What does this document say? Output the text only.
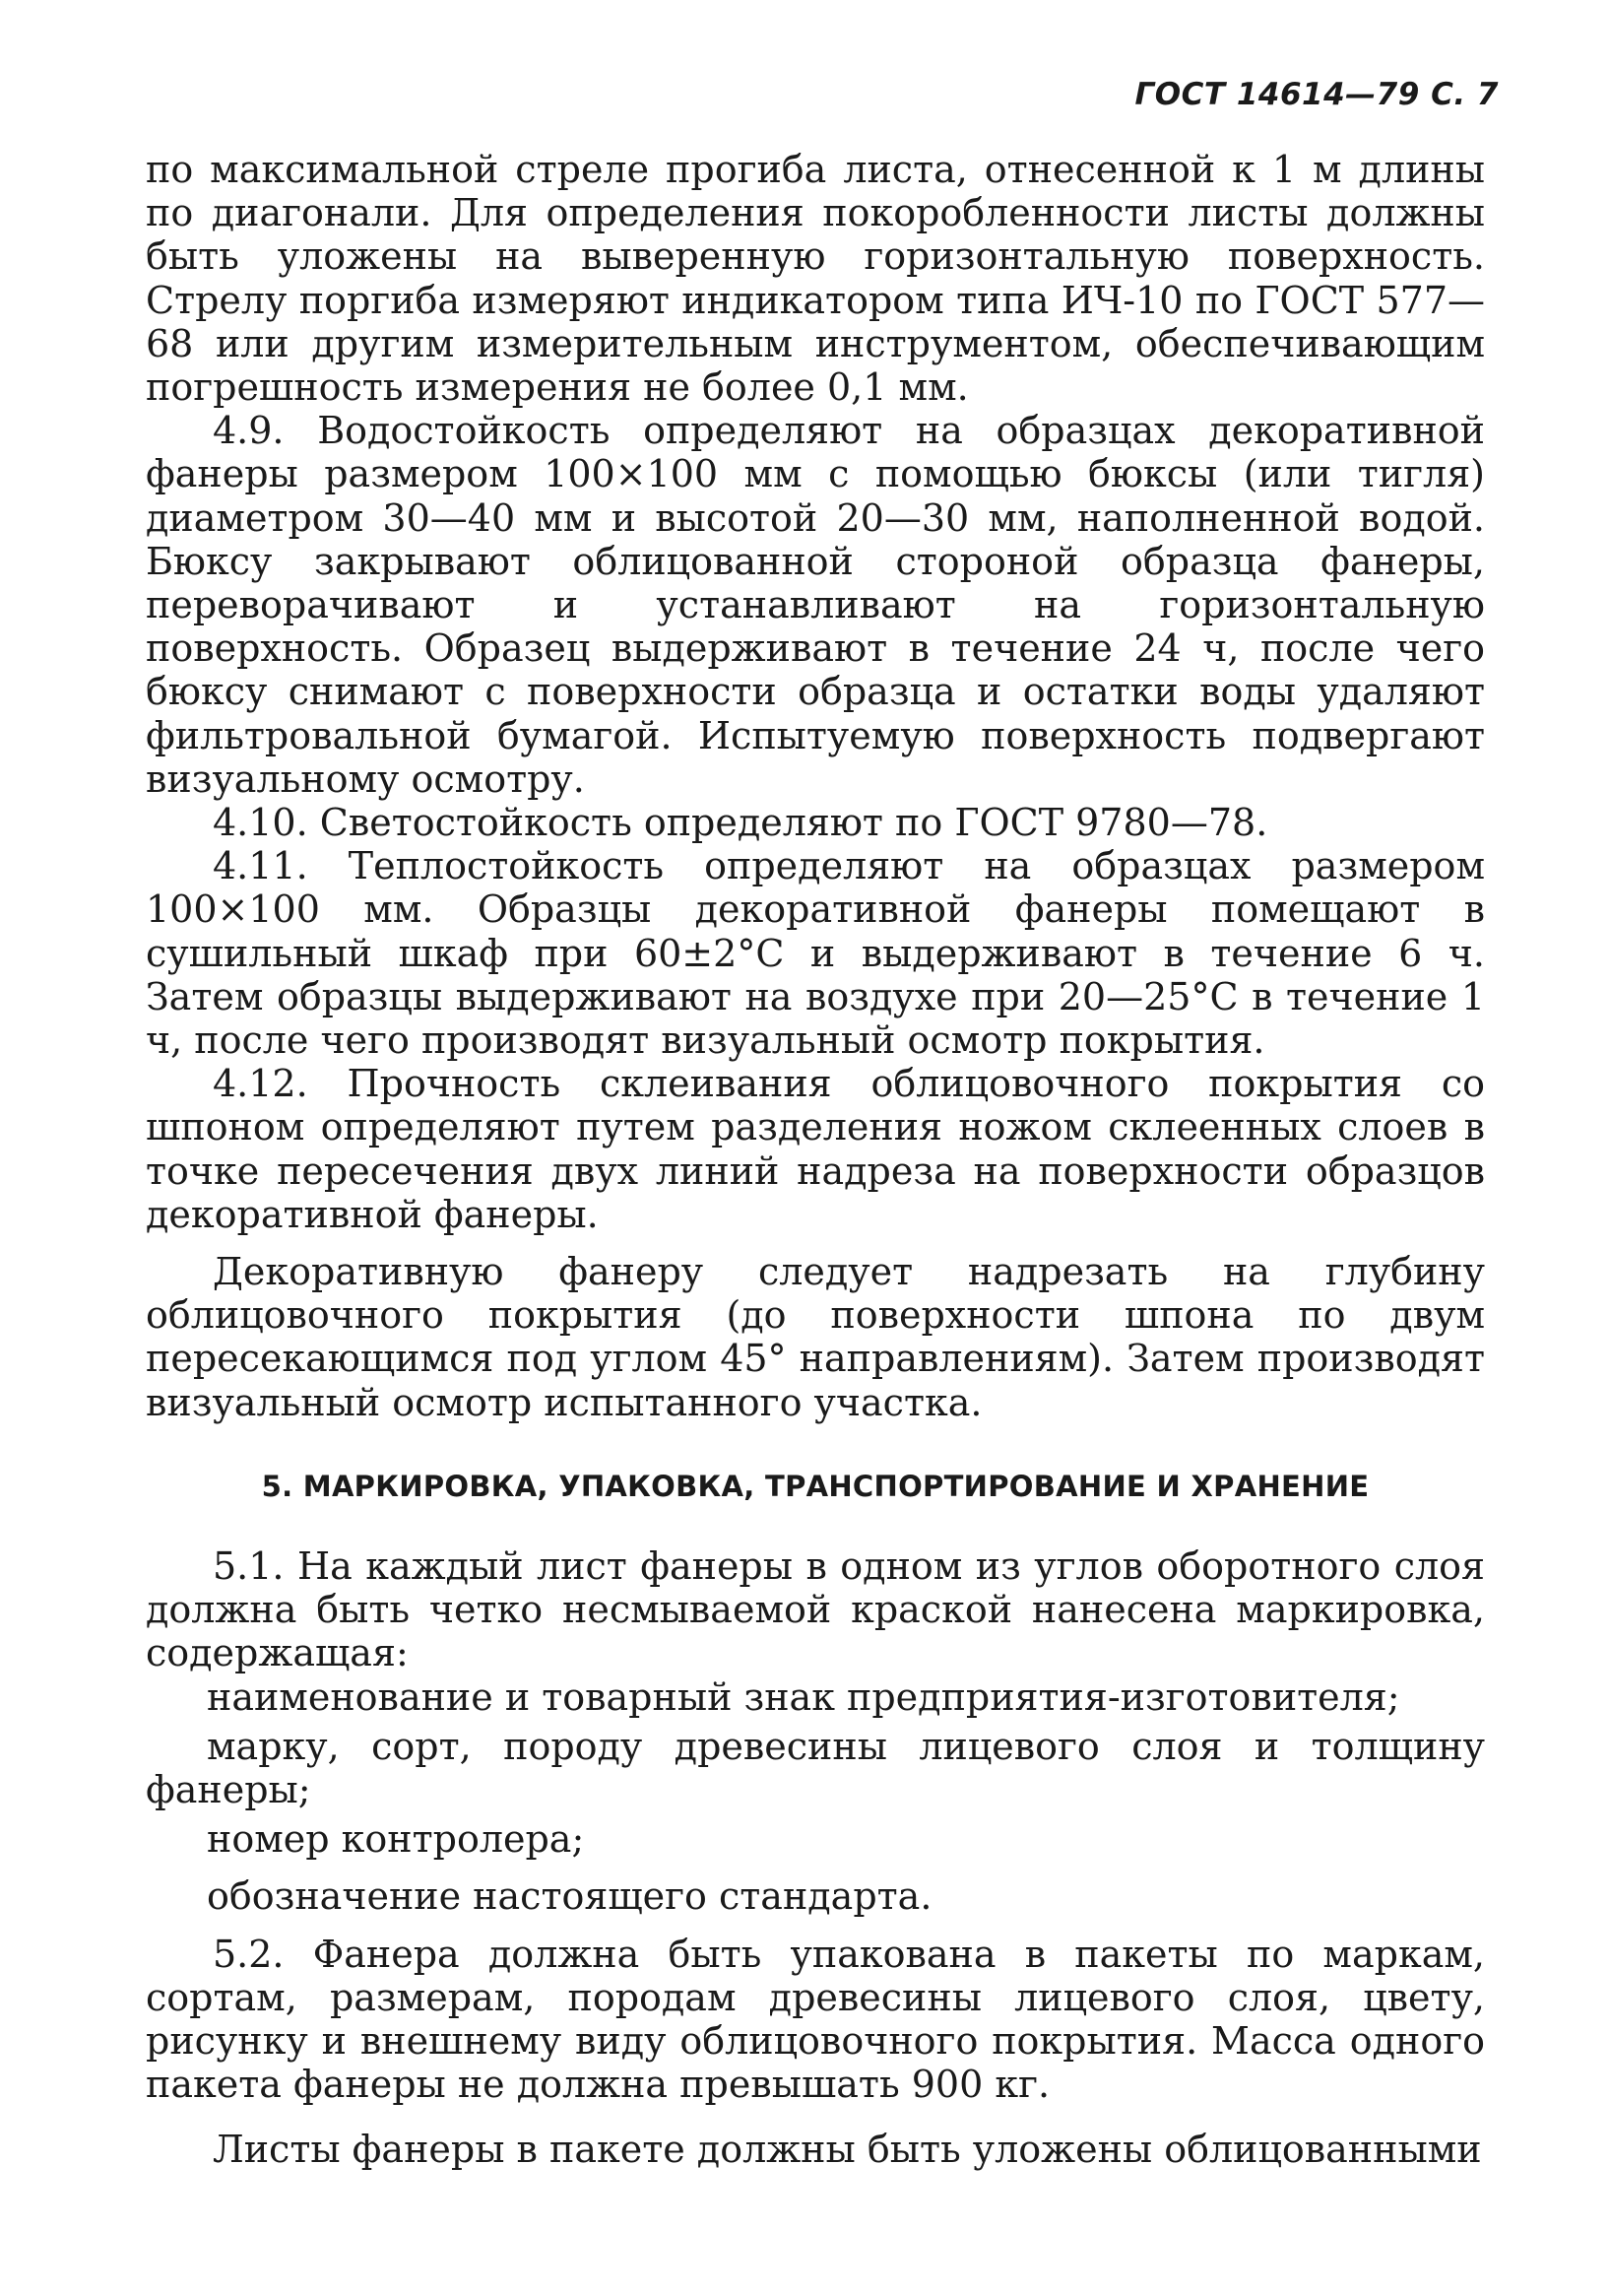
ГОСТ 14614—79 С. 7

по максимальной стреле прогиба листа, отнесенной к 1 м длины по диагонали. Для определения покоробленности листы должны быть уложены на выверенную горизонтальную поверхность. Стрелу поргиба измеряют индикатором типа ИЧ-10 по ГОСТ 577—68 или другим измерительным инструментом, обеспечивающим погрешность измерения не более 0,1 мм.

4.9. Водостойкость определяют на образцах декоративной фанеры размером 100×100 мм с помощью бюксы (или тигля) диаметром 30—40 мм и высотой 20—30 мм, наполненной водой. Бюксу закрывают облицованной стороной образца фанеры, переворачивают и устанавливают на горизонтальную поверхность. Образец выдерживают в течение 24 ч, после чего бюксу снимают с поверхности образца и остатки воды удаляют фильтровальной бумагой. Испытуемую поверхность подвергают визуальному осмотру.

4.10. Светостойкость определяют по ГОСТ 9780—78.

4.11. Теплостойкость определяют на образцах размером 100×100 мм. Образцы декоративной фанеры помещают в сушильный шкаф при 60±2°С и выдерживают в течение 6 ч. Затем образцы выдерживают на воздухе при 20—25°С в течение 1 ч, после чего производят визуальный осмотр покрытия.

4.12. Прочность склеивания облицовочного покрытия со шпоном определяют путем разделения ножом склеенных слоев в точке пересечения двух линий надреза на поверхности образцов декоративной фанеры.

Декоративную фанеру следует надрезать на глубину облицовочного покрытия (до поверхности шпона по двум пересекающимся под углом 45° направлениям). Затем производят визуальный осмотр испытанного участка.

5. МАРКИРОВКА, УПАКОВКА, ТРАНСПОРТИРОВАНИЕ И ХРАНЕНИЕ

5.1. На каждый лист фанеры в одном из углов оборотного слоя должна быть четко несмываемой краской нанесена маркировка, содержащая:

наименование и товарный знак предприятия-изготовителя;

марку, сорт, породу древесины лицевого слоя и толщину фанеры;

номер контролера;

обозначение настоящего стандарта.

5.2. Фанера должна быть упакована в пакеты по маркам, сортам, размерам, породам древесины лицевого слоя, цвету, рисунку и внешнему виду облицовочного покрытия. Масса одного пакета фанеры не должна превышать 900 кг.

Листы фанеры в пакете должны быть уложены облицованными
